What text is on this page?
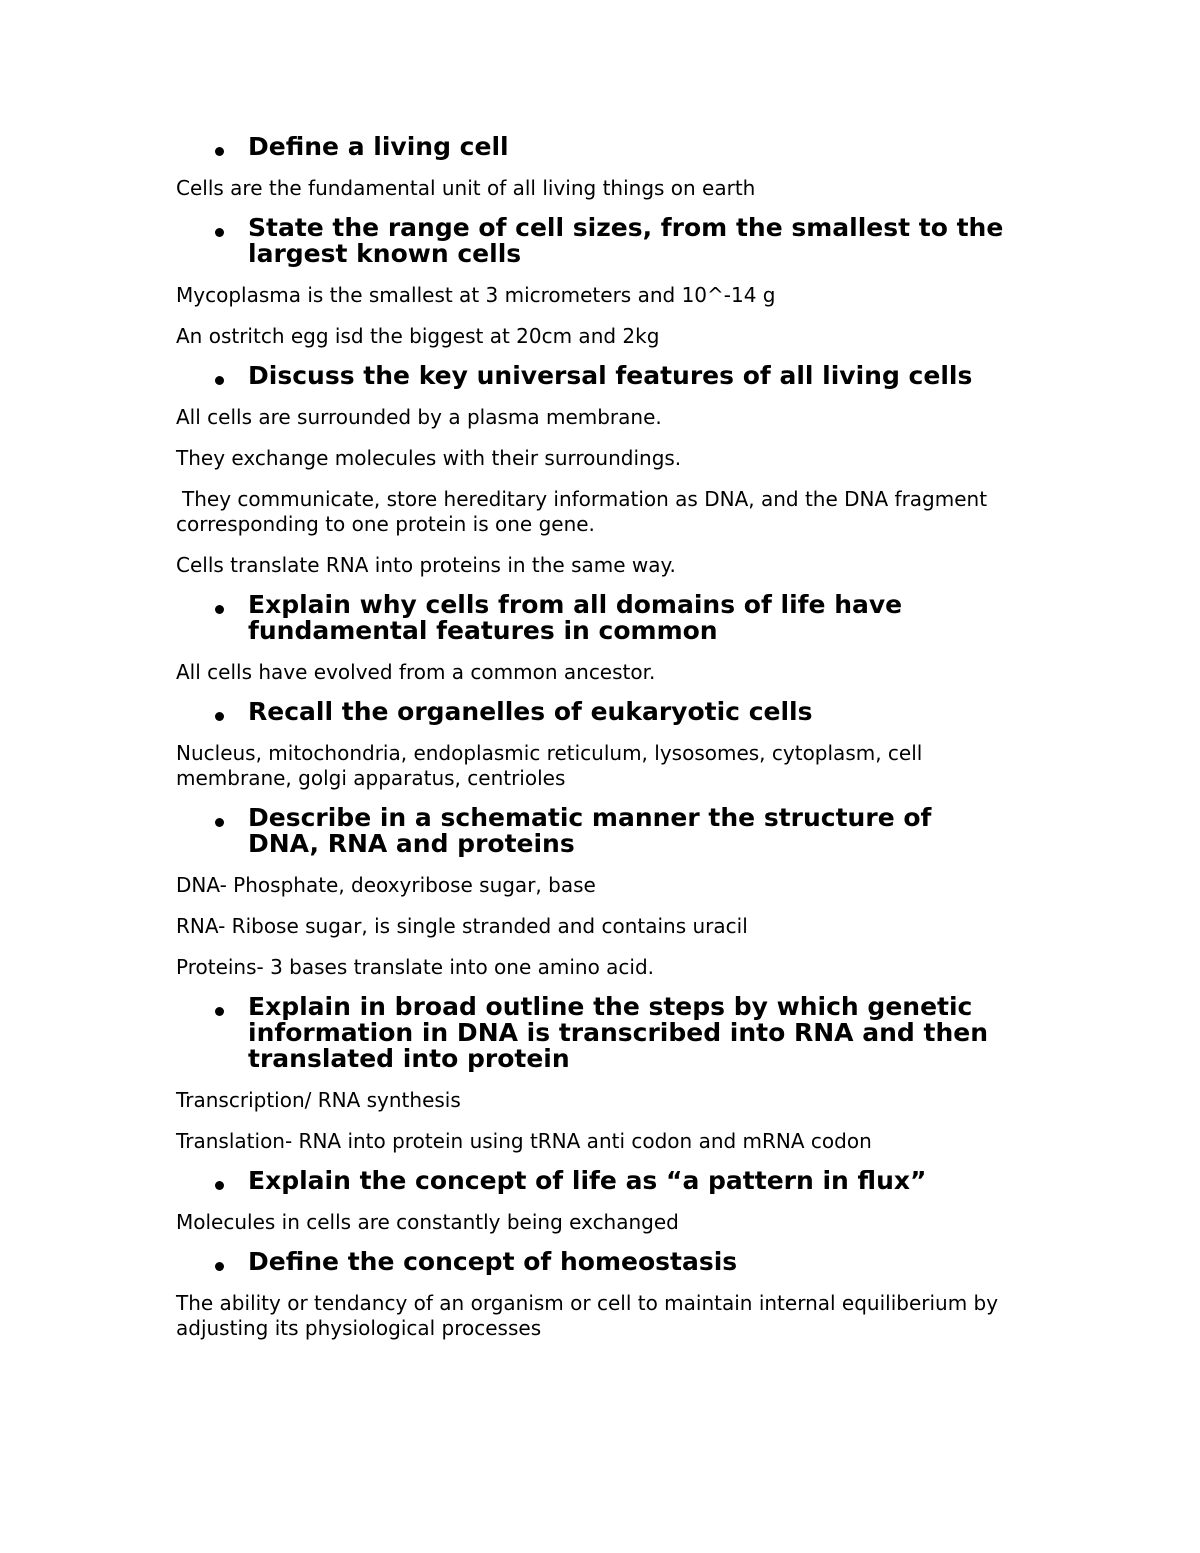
Define a living cell

Cells are the fundamental unit of all living things on earth

State the range of cell sizes, from the smallest to the largest known cells

Mycoplasma is the smallest at 3 micrometers and 10^-14 g

An ostritch egg isd the biggest at 20cm and 2kg

Discuss the key universal features of all living cells

All cells are surrounded by a plasma membrane.

They exchange molecules with their surroundings.

They communicate, store hereditary information as DNA, and the DNA fragment corresponding to one protein is one gene.

Cells translate RNA into proteins in the same way.

Explain why cells from all domains of life have fundamental features in common

All cells have evolved from a common ancestor.

Recall the organelles of eukaryotic cells

Nucleus, mitochondria, endoplasmic reticulum, lysosomes, cytoplasm, cell membrane, golgi apparatus, centrioles

Describe in a schematic manner the structure of DNA, RNA and proteins

DNA- Phosphate, deoxyribose sugar, base

RNA- Ribose sugar, is single stranded and contains uracil

Proteins- 3 bases translate into one amino acid.

Explain in broad outline the steps by which genetic information in DNA is transcribed into RNA and then translated into protein

Transcription/ RNA synthesis

Translation- RNA into protein using tRNA anti codon and mRNA codon

Explain the concept of life as “a pattern in flux”

Molecules in cells are constantly being exchanged

Define the concept of homeostasis

The ability or tendancy of an organism or cell to maintain internal equiliberium by adjusting its physiological processes
